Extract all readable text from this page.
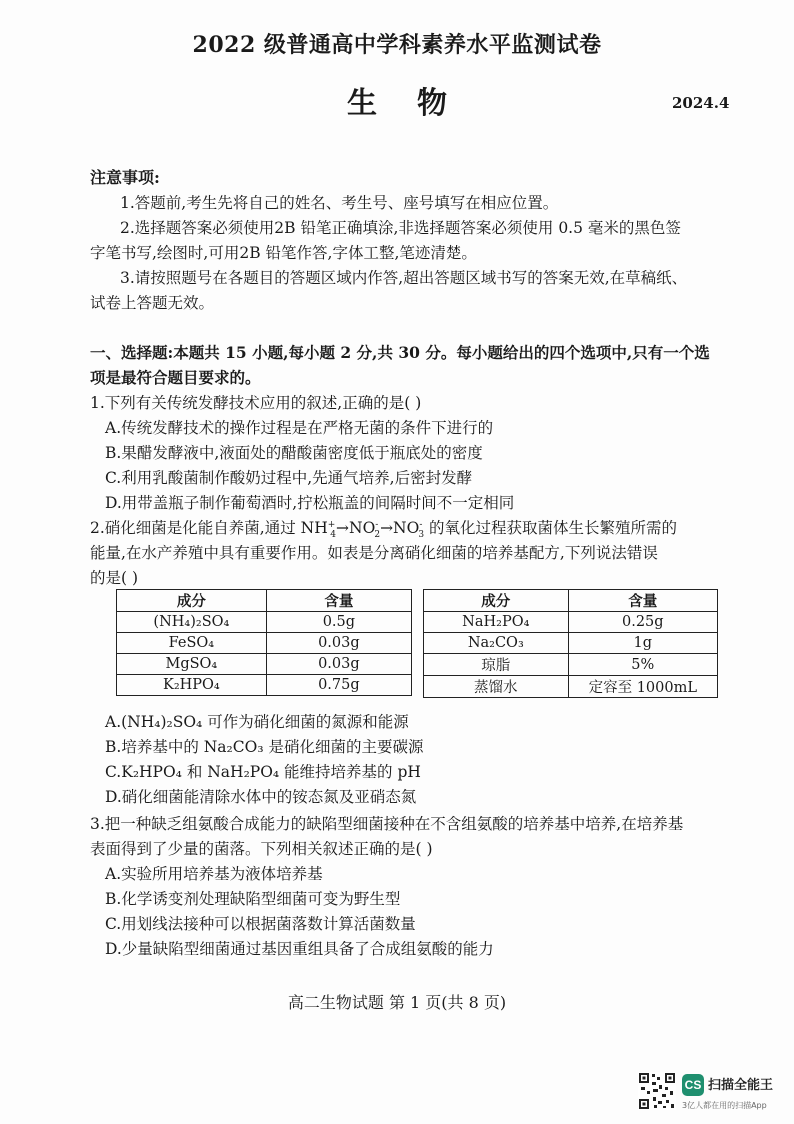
2022 级普通高中学科素养水平监测试卷
生物	2024.4
注意事项:
1.答题前,考生先将自己的姓名、考生号、座号填写在相应位置。
2.选择题答案必须使用2B 铅笔正确填涂,非选择题答案必须使用 0.5 毫米的黑色签
字笔书写,绘图时,可用2B 铅笔作答,字体工整,笔迹清楚。
3.请按照题号在各题目的答题区域内作答,超出答题区域书写的答案无效,在草稿纸、
试卷上答题无效。
一、选择题:本题共 15 小题,每小题 2 分,共 30 分。每小题给出的四个选项中,只有一个选
项是最符合题目要求的。
1.下列有关传统发酵技术应用的叙述,正确的是( )
A.传统发酵技术的操作过程是在严格无菌的条件下进行的
B.果醋发酵液中,液面处的醋酸菌密度低于瓶底处的密度
C.利用乳酸菌制作酸奶过程中,先通气培养,后密封发酵
D.用带盖瓶子制作葡萄酒时,拧松瓶盖的间隔时间不一定相同
2.硝化细菌是化能自养菌,通过 $NH^+_4\to NO^-_2\to NO^-_3$ 的氧化过程获取菌体生长繁殖所需的
能量,在水产养殖中具有重要作用。如表是分离硝化细菌的培养基配方,下列说法错误
的是( )
成分	含量
(NH₄)₂SO₄	0.5g
FeSO₄	0.03g
MgSO₄	0.03g
K₂HPO₄	0.75g
成分	含量
NaH₂PO₄	0.25g
Na₂CO₃	1g
琼脂	5%
蒸馏水	定容至 1000mL
A.(NH₄)₂SO₄ 可作为硝化细菌的氮源和能源
B.培养基中的 Na₂CO₃ 是硝化细菌的主要碳源
C.K₂HPO₄ 和 NaH₂PO₄ 能维持培养基的 pH
D.硝化细菌能清除水体中的铵态氮及亚硝态氮
3.把一种缺乏组氨酸合成能力的缺陷型细菌接种在不含组氨酸的培养基中培养,在培养基
表面得到了少量的菌落。下列相关叙述正确的是( )
A.实验所用培养基为液体培养基
B.化学诱变剂处理缺陷型细菌可变为野生型
C.用划线法接种可以根据菌落数计算活菌数量
D.少量缺陷型细菌通过基因重组具备了合成组氨酸的能力
高二生物试题 第 1 页(共 8 页)
CS 扫描全能王
3亿人都在用的扫描App
